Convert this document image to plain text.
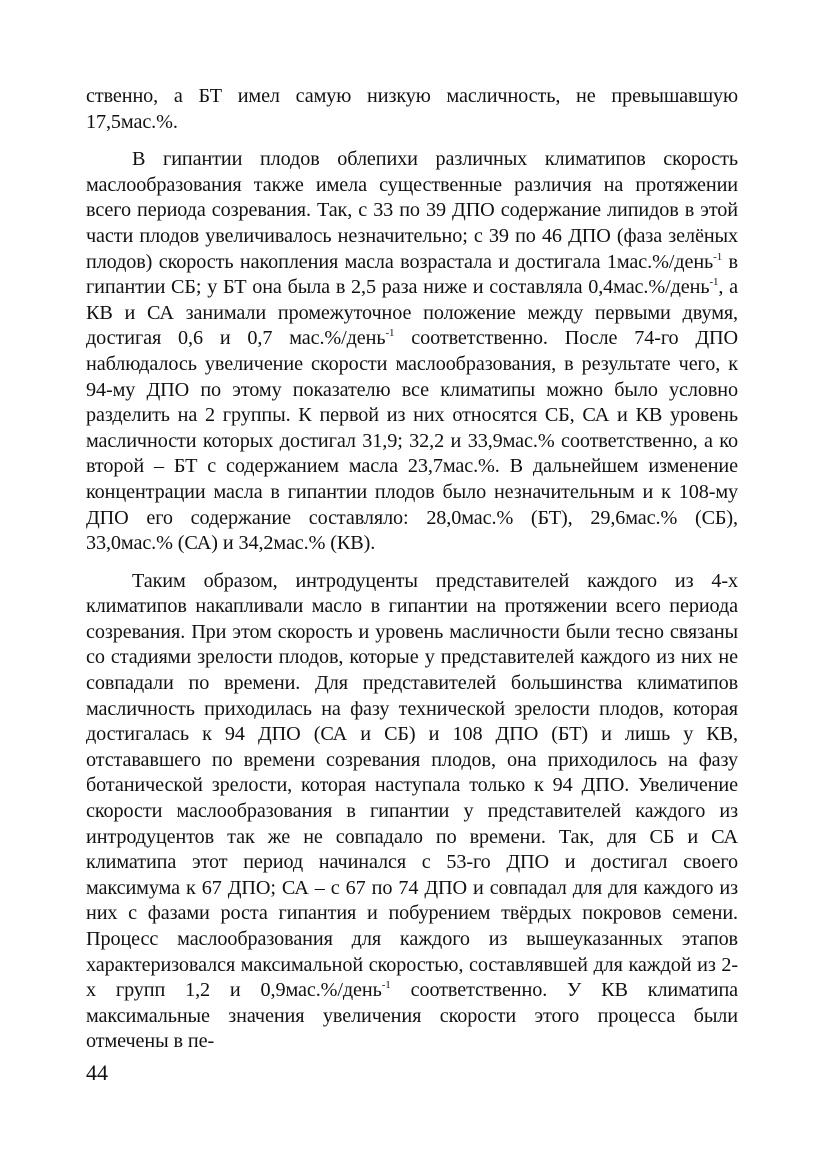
ственно, а БТ имел самую низкую масличность, не превышавшую 17,5мас.%.

В гипантии плодов облепихи различных климатипов скорость маслообразования также имела существенные различия на протяжении всего периода созревания. Так, с 33 по 39 ДПО содержание липидов в этой части плодов увеличивалось незначительно; с 39 по 46 ДПО (фаза зелёных плодов) скорость накопления масла возрастала и достигала 1мас.%/день$^{-1}$ в гипантии СБ; у БТ она была в 2,5 раза ниже и составляла 0,4мас.%/день$^{-1}$, а КВ и СА занимали промежуточное положение между первыми двумя, достигая 0,6 и 0,7 мас.%/день$^{-1}$ соответственно. После 74-го ДПО наблюдалось увеличение скорости маслообразования, в результате чего, к 94-му ДПО по этому показателю все климатипы можно было условно разделить на 2 группы. К первой из них относятся СБ, СА и КВ уровень масличности которых достигал 31,9; 32,2 и 33,9мас.% соответственно, а ко второй – БТ с содержанием масла 23,7мас.%. В дальнейшем изменение концентрации масла в гипантии плодов было незначительным и к 108-му ДПО его содержание составляло: 28,0мас.% (БТ), 29,6мас.% (СБ), 33,0мас.% (СА) и 34,2мас.% (КВ).

Таким образом, интродуценты представителей каждого из 4-х климатипов накапливали масло в гипантии на протяжении всего периода созревания. При этом скорость и уровень масличности были тесно связаны со стадиями зрелости плодов, которые у представителей каждого из них не совпадали по времени. Для представителей большинства климатипов масличность приходилась на фазу технической зрелости плодов, которая достигалась к 94 ДПО (СА и СБ) и 108 ДПО (БТ) и лишь у КВ, отстававшего по времени созревания плодов, она приходилось на фазу ботанической зрелости, которая наступала только к 94 ДПО. Увеличение скорости маслообразования в гипантии у представителей каждого из интродуцентов так же не совпадало по времени. Так, для СБ и СА климатипа этот период начинался с 53-го ДПО и достигал своего максимума к 67 ДПО; СА – с 67 по 74 ДПО и совпадал для для каждого из них с фазами роста гипантия и побурением твёрдых покровов семени. Процесс маслообразования для каждого из вышеуказанных этапов характеризовался максимальной скоростью, составлявшей для каждой из 2-х групп 1,2 и 0,9мас.%/день$^{-1}$ соответственно. У КВ климатипа максимальные значения увеличения скорости этого процесса были отмечены в пе-

44
